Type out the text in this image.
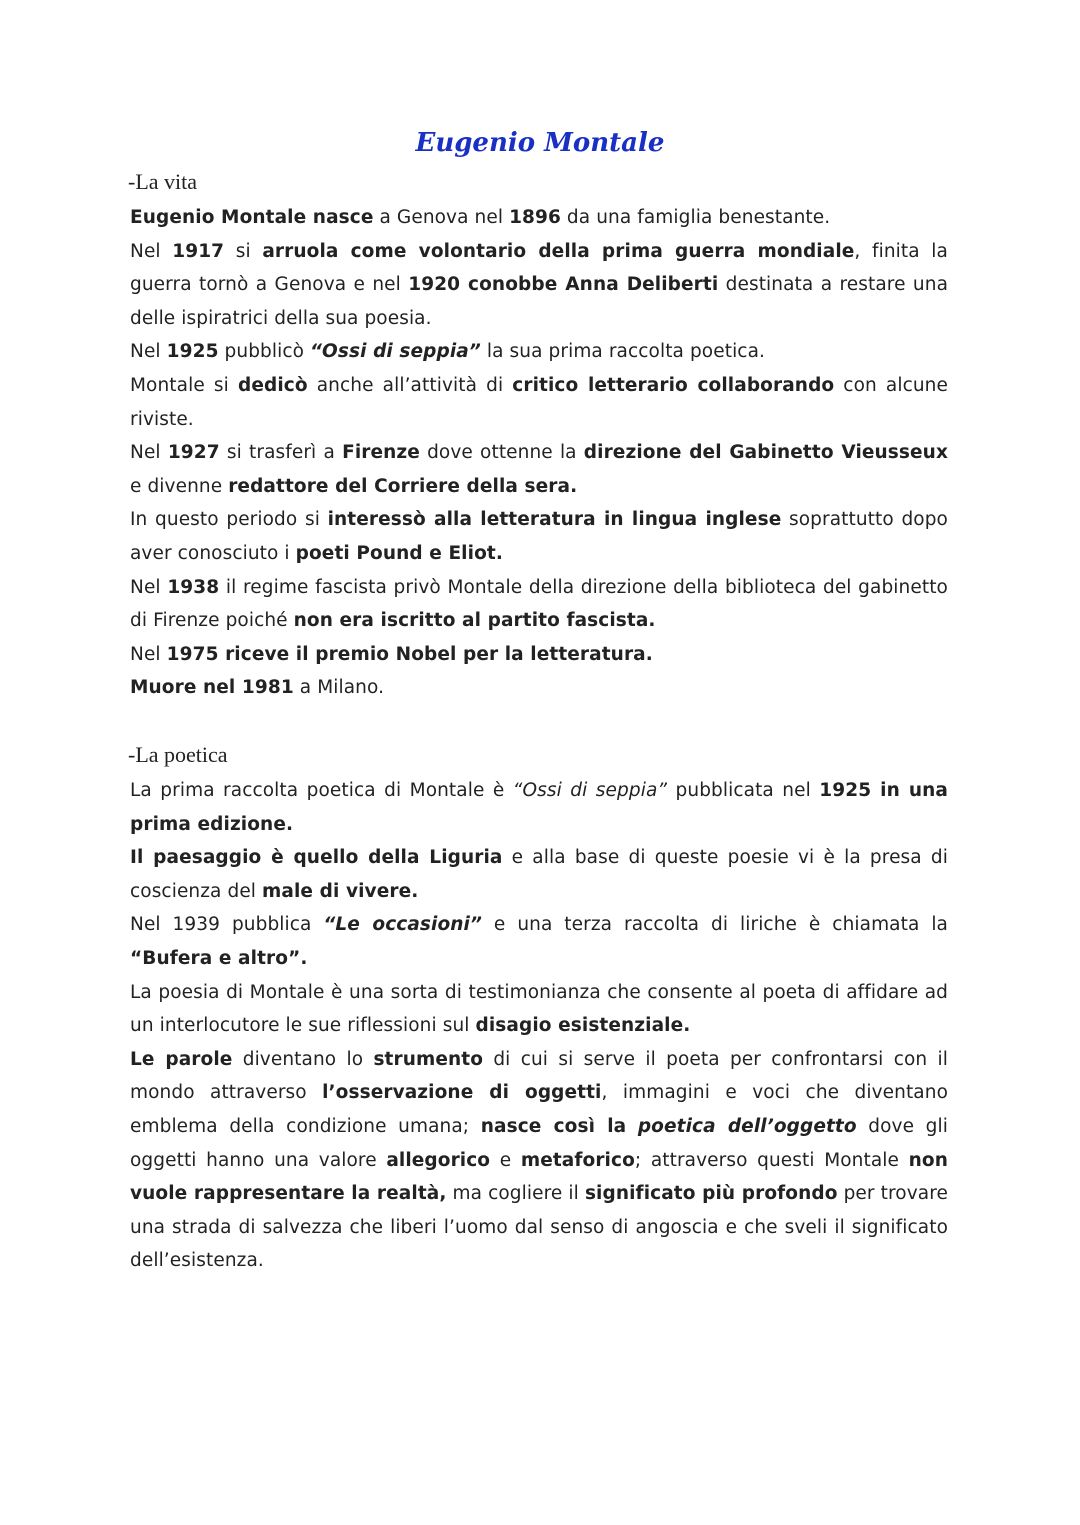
Eugenio Montale
-La vita

Eugenio Montale nasce a Genova nel 1896 da una famiglia benestante.

Nel 1917 si arruola come volontario della prima guerra mondiale, finita la guerra tornò a Genova e nel 1920 conobbe Anna Deliberti destinata a restare una delle ispiratrici della sua poesia.

Nel 1925 pubblicò “Ossi di seppia” la sua prima raccolta poetica.

Montale si dedicò anche all’attività di critico letterario collaborando con alcune riviste.

Nel 1927 si trasferì a Firenze dove ottenne la direzione del Gabinetto Vieusseux e divenne redattore del Corriere della sera.

In questo periodo si interessò alla letteratura in lingua inglese soprattutto dopo aver conosciuto i poeti Pound e Eliot.

Nel 1938 il regime fascista privò Montale della direzione della biblioteca del gabinetto di Firenze poiché non era iscritto al partito fascista.

Nel 1975 riceve il premio Nobel per la letteratura.

Muore nel 1981 a Milano.

-La poetica

La prima raccolta poetica di Montale è “Ossi di seppia” pubblicata nel 1925 in una prima edizione.

Il paesaggio è quello della Liguria e alla base di queste poesie vi è la presa di coscienza del male di vivere.

Nel 1939 pubblica “Le occasioni” e una terza raccolta di liriche è chiamata la “Bufera e altro”.

La poesia di Montale è una sorta di testimonianza che consente al poeta di affidare ad un interlocutore le sue riflessioni sul disagio esistenziale.

Le parole diventano lo strumento di cui si serve il poeta per confrontarsi con il mondo attraverso l’osservazione di oggetti, immagini e voci che diventano emblema della condizione umana; nasce così la poetica dell’oggetto dove gli oggetti hanno una valore allegorico e metaforico; attraverso questi Montale non vuole rappresentare la realtà, ma cogliere il significato più profondo per trovare una strada di salvezza che liberi l’uomo dal senso di angoscia e che sveli il significato dell’esistenza.
